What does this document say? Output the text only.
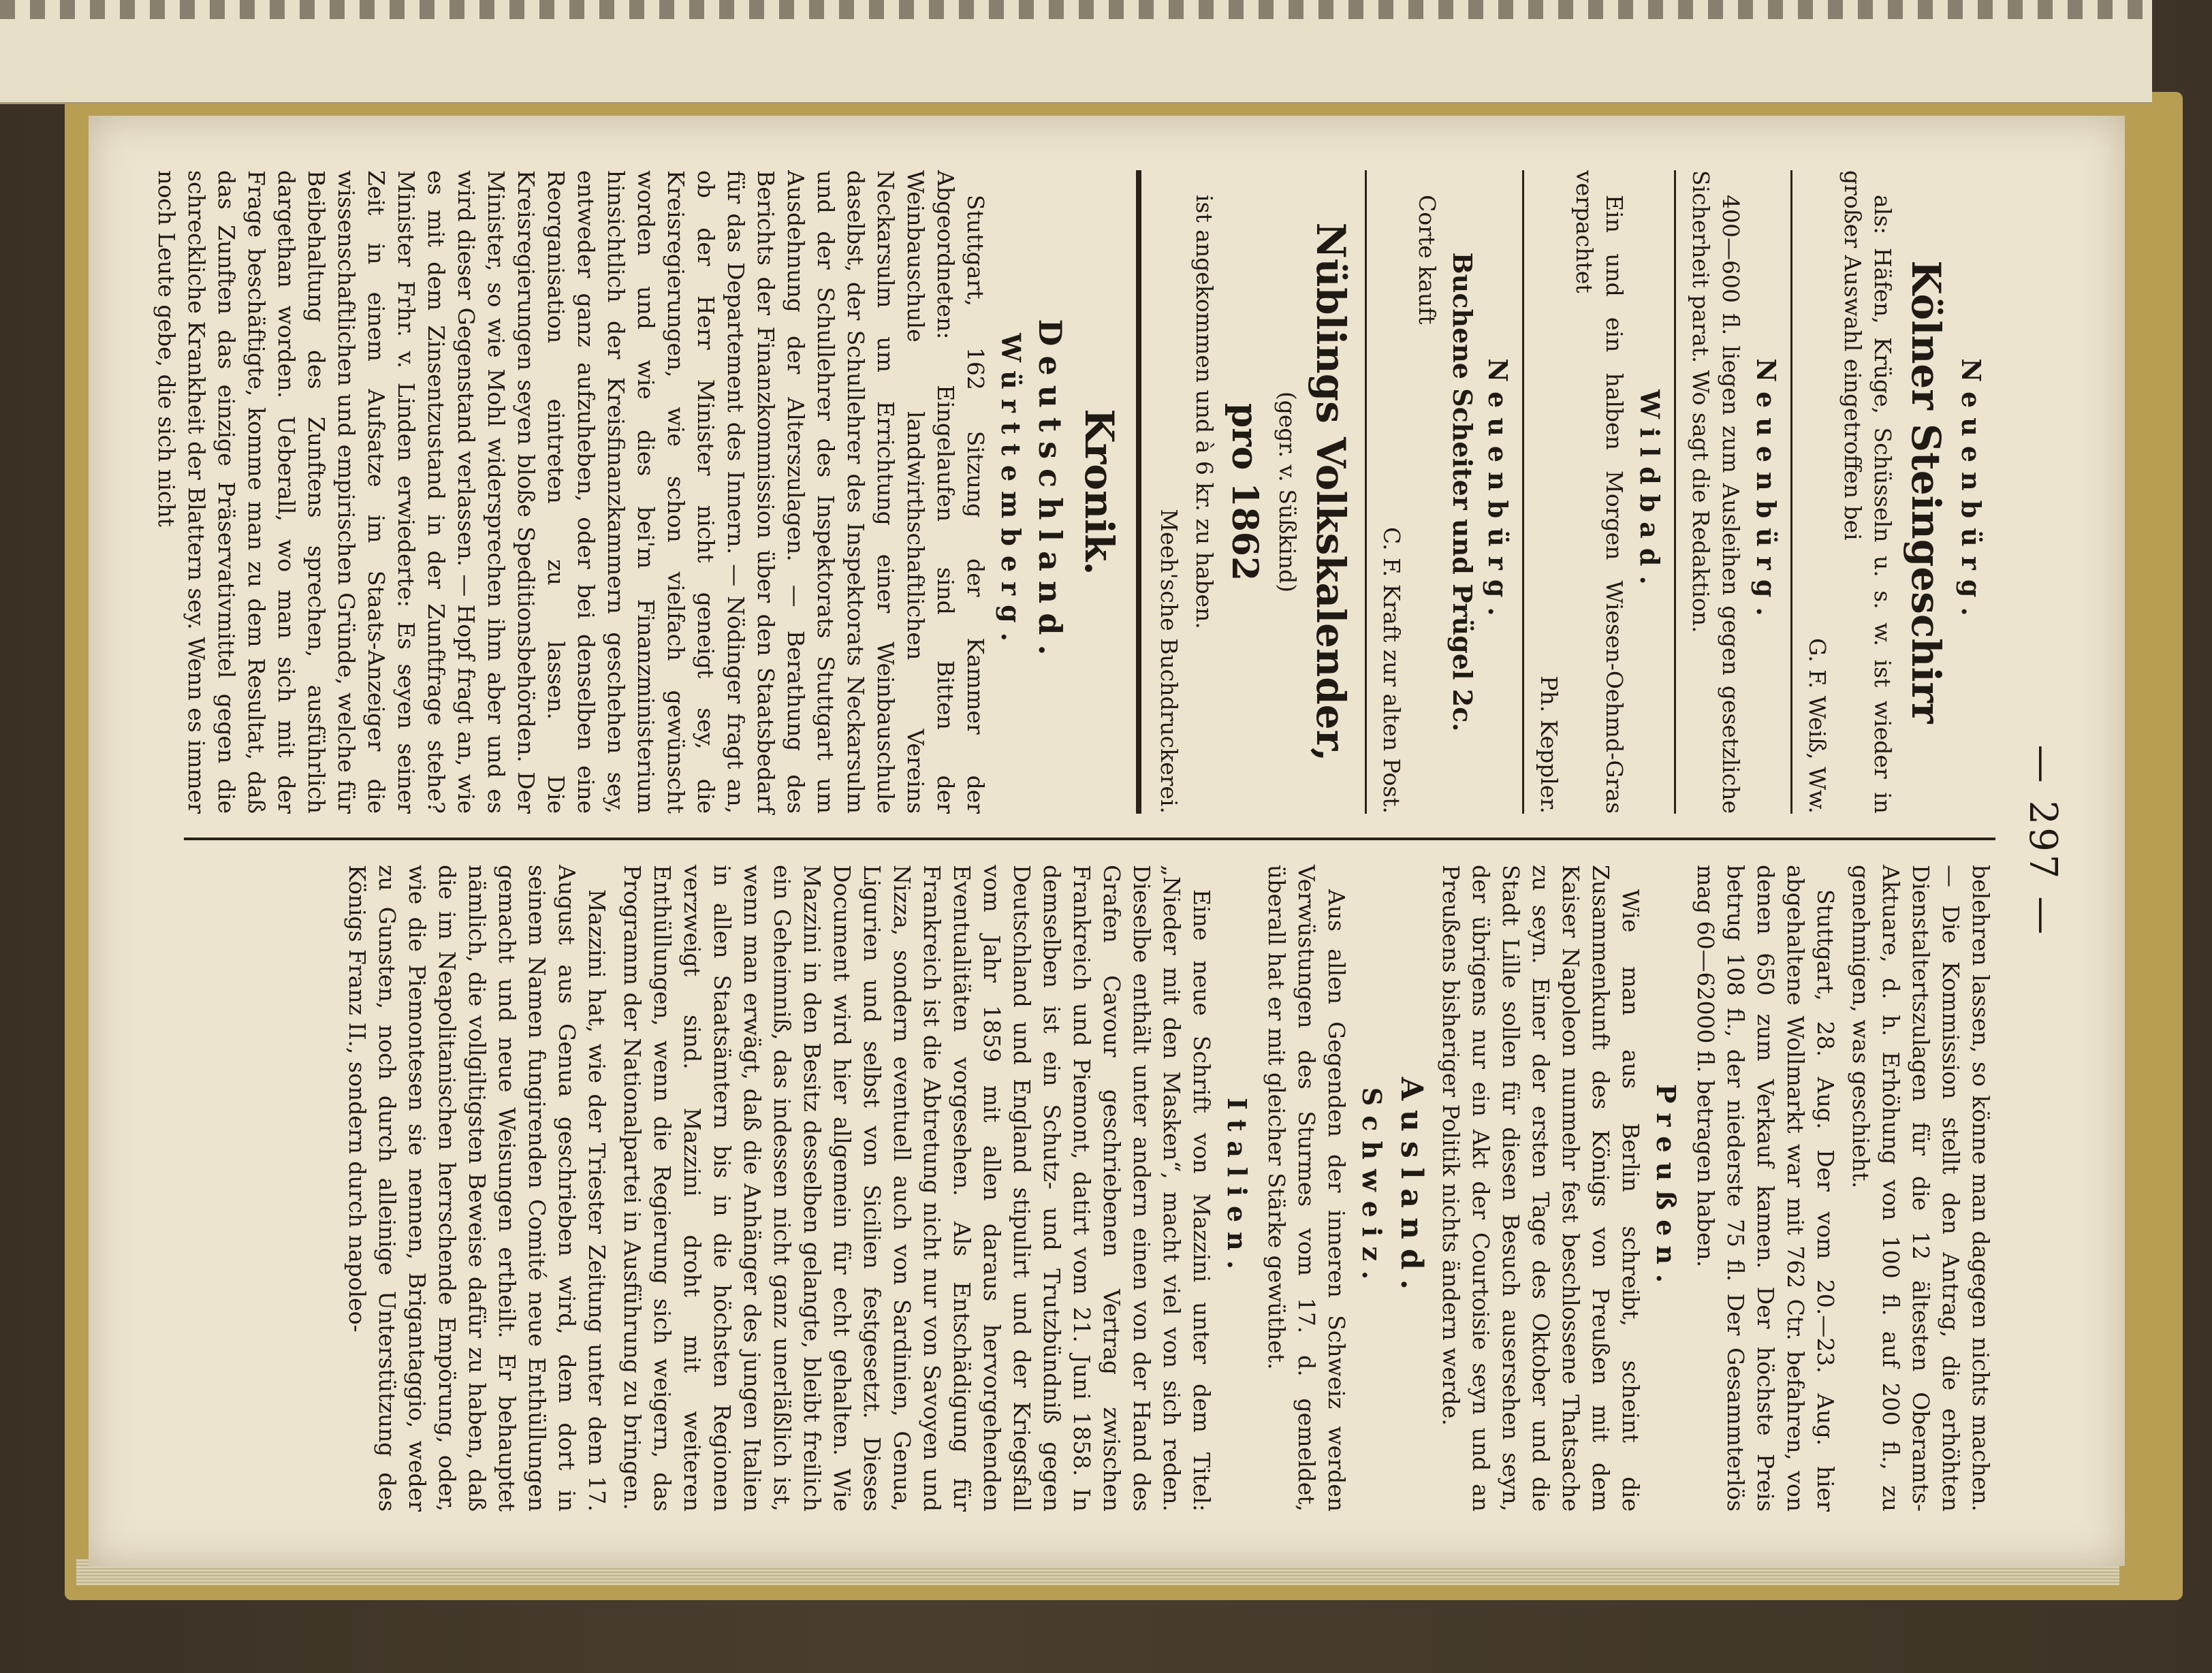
— 297 —

Neuenbürg.

Kölner Steingeschirr

als: Häfen, Krüge, Schüsseln u. s. w. ist wieder in großer Auswahl eingetroffen bei

G. F. Weiß, Ww.

Neuenbürg.

400—600 fl. liegen zum Ausleihen gegen gesetzliche Sicherheit parat. Wo sagt die Redaktion.

Wildbad.

Ein und ein halben Morgen Wiesen-Oehmd-Gras verpachtet

Ph. Keppler.

Neuenbürg.

Buchene Scheiter und Prügel 2c.

Corte kauft

C. F. Kraft zur alten Post.

Nüblings Volkskalender,

(gegr. v. Süßkind)

pro 1862

ist angekommen und à 6 kr. zu haben.

Meeh'sche Buchdruckerei.

Kronik.

Deutschland.

Württemberg.

Stuttgart, 162 Sitzung der Kammer der Abgeordneten: Eingelaufen sind Bitten der Weinbauschule landwirthschaftlichen Vereins Neckarsulm um Errichtung einer Weinbauschule daselbst, der Schullehrer des Inspektorats Neckarsulm und der Schullehrer des Inspektorats Stuttgart um Ausdehnung der Alterszulagen. — Berathung des Berichts der Finanzkommission über den Staatsbedarf für das Departement des Innern. — Nödinger fragt an, ob der Herr Minister nicht geneigt sey, die Kreisregierungen, wie schon vielfach gewünscht worden und wie dies bei'm Finanzministerium hinsichtlich der Kreisfinanzkammern geschehen sey, entweder ganz aufzuheben, oder bei denselben eine Reorganisation eintreten zu lassen. Die Kreisregierungen seyen bloße Speditionsbehörden. Der Minister, so wie Mohl widersprechen ihm aber und es wird dieser Gegenstand verlassen. — Hopf fragt an, wie es mit dem Zinsentzustand in der Zunftfrage stehe? Minister Frhr. v. Linden erwiederte: Es seyen seiner Zeit in einem Aufsatze im Staats-Anzeiger die wissenschaftlichen und empirischen Gründe, welche für Beibehaltung des Zunftens sprechen, ausführlich dargethan worden. Ueberall, wo man sich mit der Frage beschäftigte, komme man zu dem Resultat, daß das Zunften das einzige Präservativmittel gegen die schreckliche Krankheit der Blattern sey. Wenn es immer noch Leute gebe, die sich nicht

belehren lassen, so könne man dagegen nichts machen. — Die Kommission stellt den Antrag, die erhöhten Dienstaltertszulagen für die 12 ältesten Oberamts-Aktuare, d. h. Erhöhung von 100 fl. auf 200 fl., zu genehmigen, was geschieht.

Stuttgart, 28. Aug. Der vom 20.—23. Aug. hier abgehaltene Wollmarkt war mit 762 Ctr. befahren, von denen 650 zum Verkauf kamen. Der höchste Preis betrug 108 fl., der niederste 75 fl. Der Gesammterlös mag 60—62000 fl. betragen haben.

Preußen.

Wie man aus Berlin schreibt, scheint die Zusammenkunft des Königs von Preußen mit dem Kaiser Napoleon nunmehr fest beschlossene Thatsache zu seyn. Einer der ersten Tage des Oktober und die Stadt Lille sollen für diesen Besuch ausersehen seyn, der übrigens nur ein Akt der Courtoisie seyn und an Preußens bisheriger Politik nichts ändern werde.

Ausland.

Schweiz.

Aus allen Gegenden der inneren Schweiz werden Verwüstungen des Sturmes vom 17. d. gemeldet, überall hat er mit gleicher Stärke gewüthet.

Italien.

Eine neue Schrift von Mazzini unter dem Titel: „Nieder mit den Masken“, macht viel von sich reden. Dieselbe enthält unter andern einen von der Hand des Grafen Cavour geschriebenen Vertrag zwischen Frankreich und Piemont, datirt vom 21. Juni 1858. In demselben ist ein Schutz- und Trutzbündniß gegen Deutschland und England stipulirt und der Kriegsfall vom Jahr 1859 mit allen daraus hervorgehenden Eventualitäten vorgesehen. Als Entschädigung für Frankreich ist die Abtretung nicht nur von Savoyen und Nizza, sondern eventuell auch von Sardinien, Genua, Ligurien und selbst von Sicilien festgesetzt. Dieses Document wird hier allgemein für echt gehalten. Wie Mazzini in den Besitz desselben gelangte, bleibt freilich ein Geheimniß, das indessen nicht ganz unerläßlich ist, wenn man erwägt, daß die Anhänger des jungen Italien in allen Staatsämtern bis in die höchsten Regionen verzweigt sind. Mazzini droht mit weiteren Enthüllungen, wenn die Regierung sich weigern, das Programm der Nationalpartei in Ausführung zu bringen.

Mazzini hat, wie der Triester Zeitung unter dem 17. August aus Genua geschrieben wird, dem dort in seinem Namen fungirenden Comité neue Enthüllungen gemacht und neue Weisungen ertheilt. Er behauptet nämlich, die vollgiltigsten Beweise dafür zu haben, daß die im Neapolitanischen herrschende Empörung, oder, wie die Piemontesen sie nennen, Brigantaggio, weder zu Gunsten, noch durch alleinige Unterstützung des Königs Franz II., sondern durch napoleo-
